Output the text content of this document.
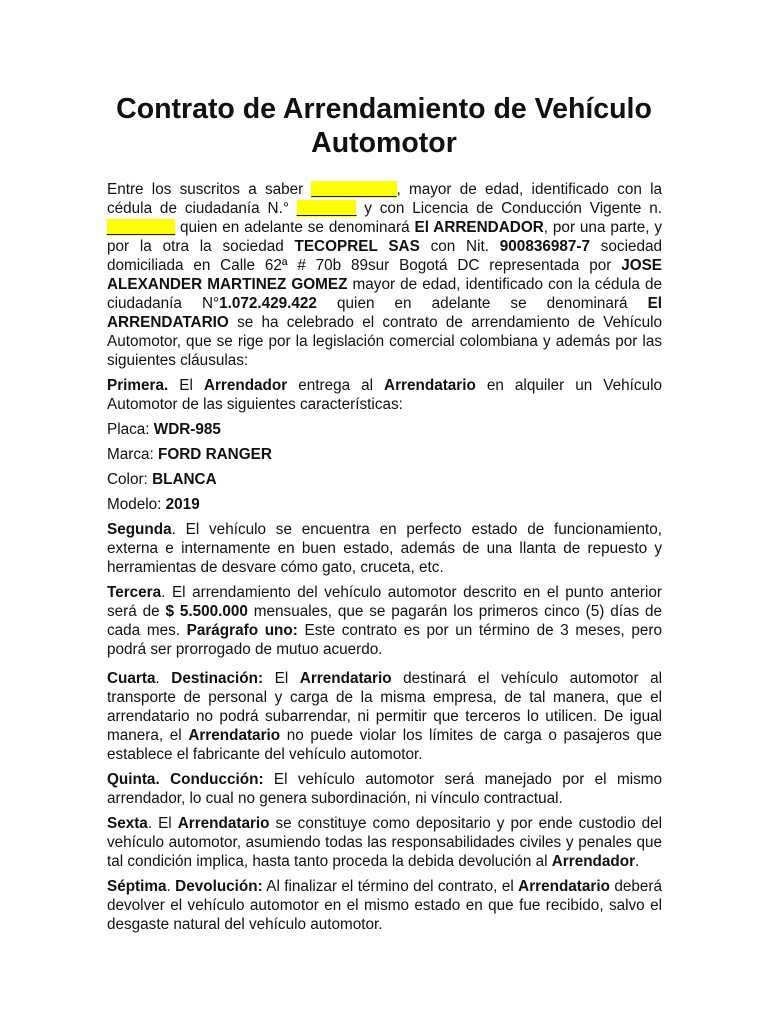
Contrato de Arrendamiento de Vehículo Automotor

Entre los suscritos a saber __________, mayor de edad, identificado con la cédula de ciudadanía N.° _______ y con Licencia de Conducción Vigente n. ________ quien en adelante se denominará El ARRENDADOR, por una parte, y por la otra la sociedad TECOPREL SAS con Nit. 900836987-7 sociedad domiciliada en Calle 62ª # 70b 89sur Bogotá DC representada por JOSE ALEXANDER MARTINEZ GOMEZ mayor de edad, identificado con la cédula de ciudadanía N°1.072.429.422 quien en adelante se denominará El ARRENDATARIO se ha celebrado el contrato de arrendamiento de Vehículo Automotor, que se rige por la legislación comercial colombiana y además por las siguientes cláusulas:

Primera. El Arrendador entrega al Arrendatario en alquiler un Vehículo Automotor de las siguientes características:

Placa: WDR-985

Marca: FORD RANGER

Color: BLANCA

Modelo: 2019

Segunda. El vehículo se encuentra en perfecto estado de funcionamiento, externa e internamente en buen estado, además de una llanta de repuesto y herramientas de desvare cómo gato, cruceta, etc.

Tercera. El arrendamiento del vehículo automotor descrito en el punto anterior será de $ 5.500.000 mensuales, que se pagarán los primeros cinco (5) días de cada mes. Parágrafo uno: Este contrato es por un término de 3 meses, pero podrá ser prorrogado de mutuo acuerdo.

Cuarta. Destinación: El Arrendatario destinará el vehículo automotor al transporte de personal y carga de la misma empresa, de tal manera, que el arrendatario no podrá subarrendar, ni permitir que terceros lo utilicen. De igual manera, el Arrendatario no puede violar los límites de carga o pasajeros que establece el fabricante del vehículo automotor.

Quinta. Conducción: El vehículo automotor será manejado por el mismo arrendador, lo cual no genera subordinación, ni vínculo contractual.

Sexta. El Arrendatario se constituye como depositario y por ende custodio del vehículo automotor, asumiendo todas las responsabilidades civiles y penales que tal condición implica, hasta tanto proceda la debida devolución al Arrendador.

Séptima. Devolución: Al finalizar el término del contrato, el Arrendatario deberá devolver el vehículo automotor en el mismo estado en que fue recibido, salvo el desgaste natural del vehículo automotor.
